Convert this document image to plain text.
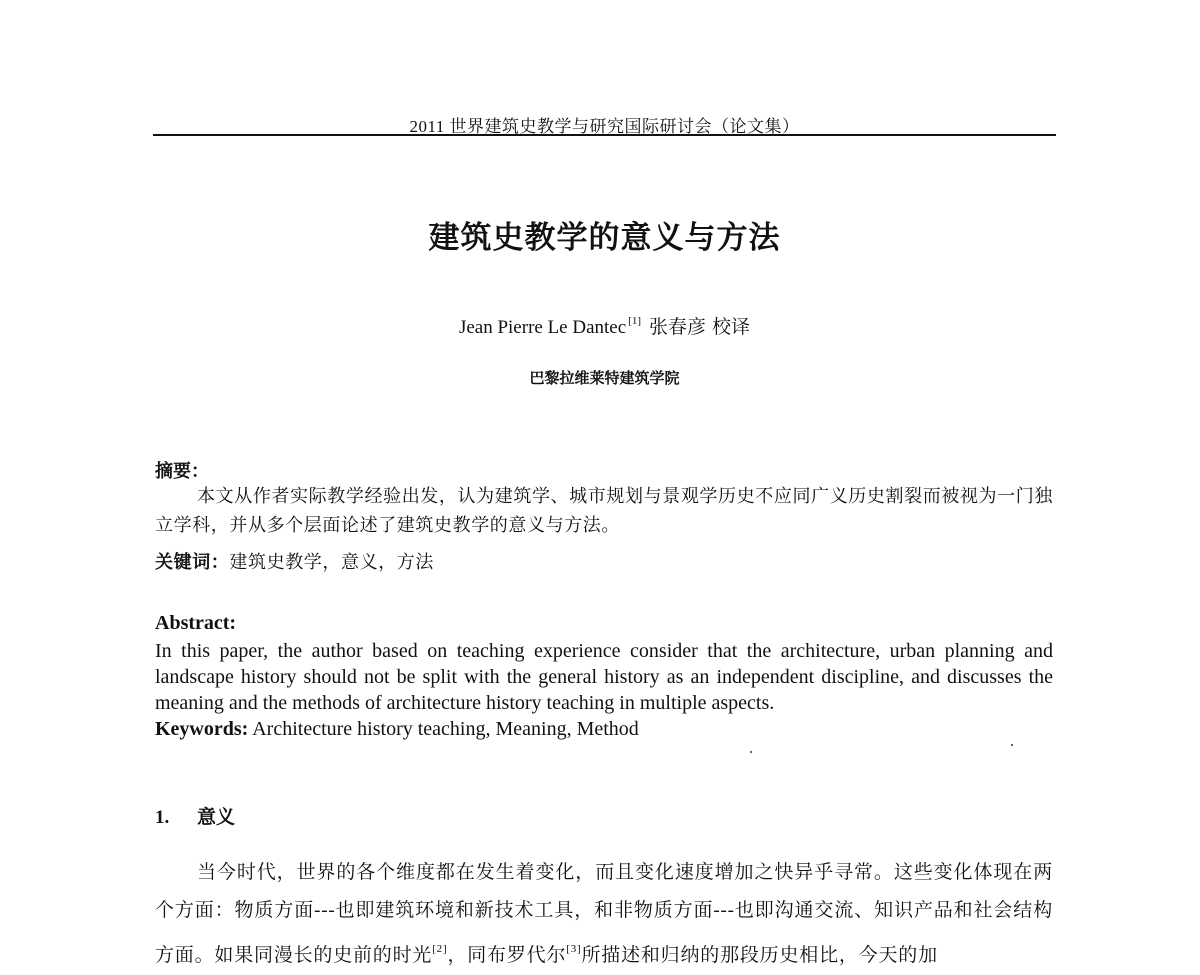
2011 世界建筑史教学与研究国际研讨会（论文集）
建筑史教学的意义与方法
Jean Pierre Le Dantec [1] 张春彦 校译
巴黎拉维莱特建筑学院
摘要：
本文从作者实际教学经验出发，认为建筑学、城市规划与景观学历史不应同广义历史割裂而被视为一门独立学科，并从多个层面论述了建筑史教学的意义与方法。
关键词：建筑史教学，意义，方法
Abstract:
In this paper, the author based on teaching experience consider that the architecture, urban planning and landscape history should not be split with the general history as an independent discipline, and discusses the meaning and the methods of architecture history teaching in multiple aspects.
Keywords: Architecture history teaching, Meaning, Method
1. 意义
当今时代，世界的各个维度都在发生着变化，而且变化速度增加之快异乎寻常。这些变化体现在两个方面：物质方面---也即建筑环境和新技术工具，和非物质方面---也即沟通交流、知识产品和社会结构方面。如果同漫长的史前的时光[2]，同布罗代尔[3]所描述和归纳的那段历史相比，今天的加
